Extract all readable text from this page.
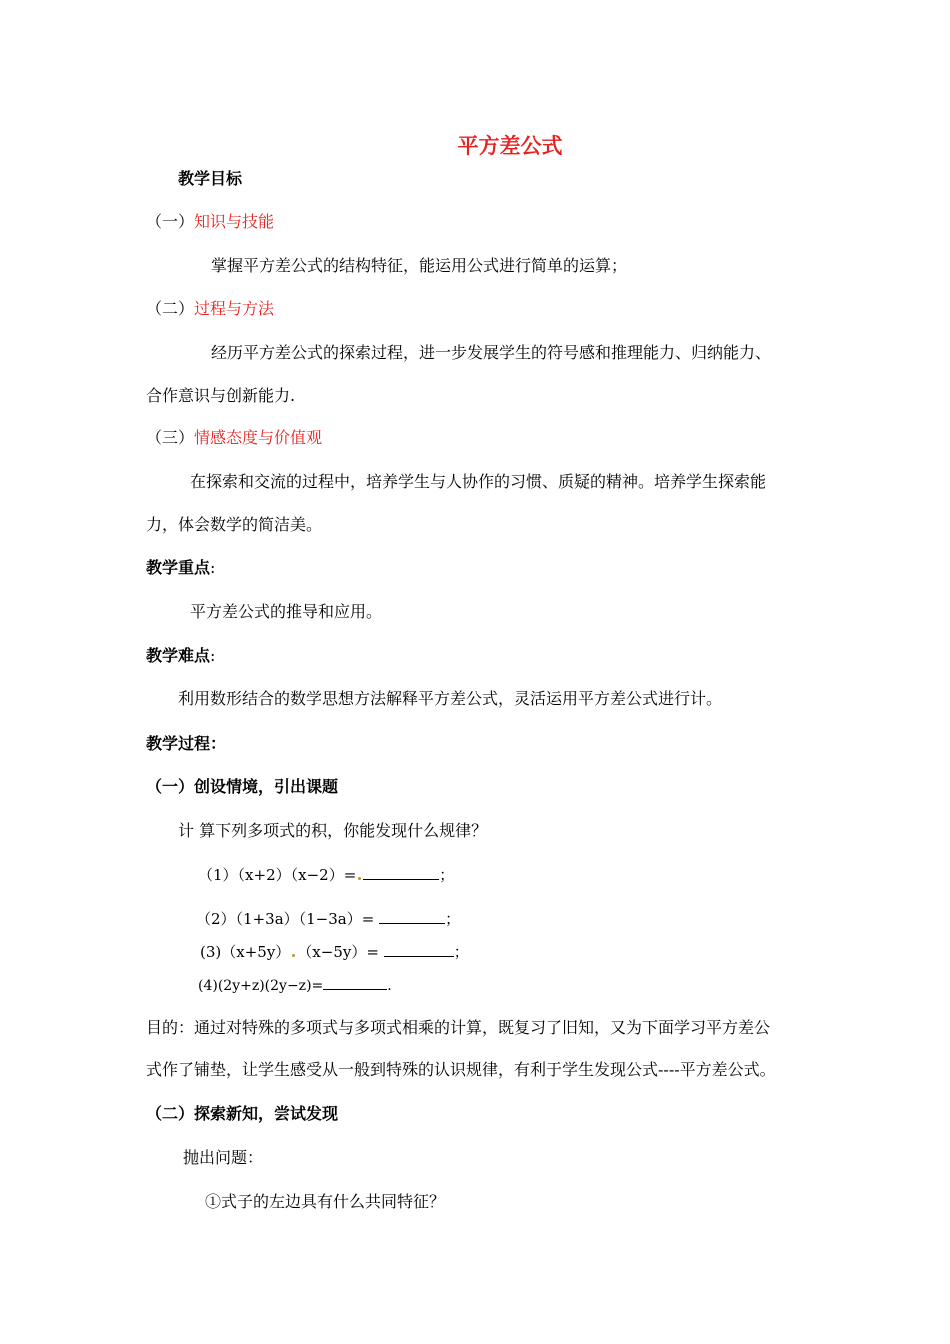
平方差公式
教学目标
（一）知识与技能
掌握平方差公式的结构特征，能运用公式进行简单的运算；
（二）过程与方法
经历平方差公式的探索过程，进一步发展学生的符号感和推理能力、归纳能力、
合作意识与创新能力.
（三）情感态度与价值观
在探索和交流的过程中，培养学生与人协作的习惯、质疑的精神。培养学生探索能
力，体会数学的简洁美。
教学重点:
平方差公式的推导和应用。
教学难点:
利用数形结合的数学思想方法解释平方差公式，灵活运用平方差公式进行计。
教学过程：
（一）创设情境，引出课题
计 算下列多项式的积，你能发现什么规律？
（1）（x+2）（x−2）=	；
（2）（1+3a）（1−3a）=	；
(3)（x+5y） （x−5y）=	；
(4)(2y+z)(2y−z)=	.
目的：通过对特殊的多项式与多项式相乘的计算，既复习了旧知，又为下面学习平方差公
式作了铺垫，让学生感受从一般到特殊的认识规律，有利于学生发现公式----平方差公式。
（二）探索新知，尝试发现
抛出问题：
①式子的左边具有什么共同特征？
